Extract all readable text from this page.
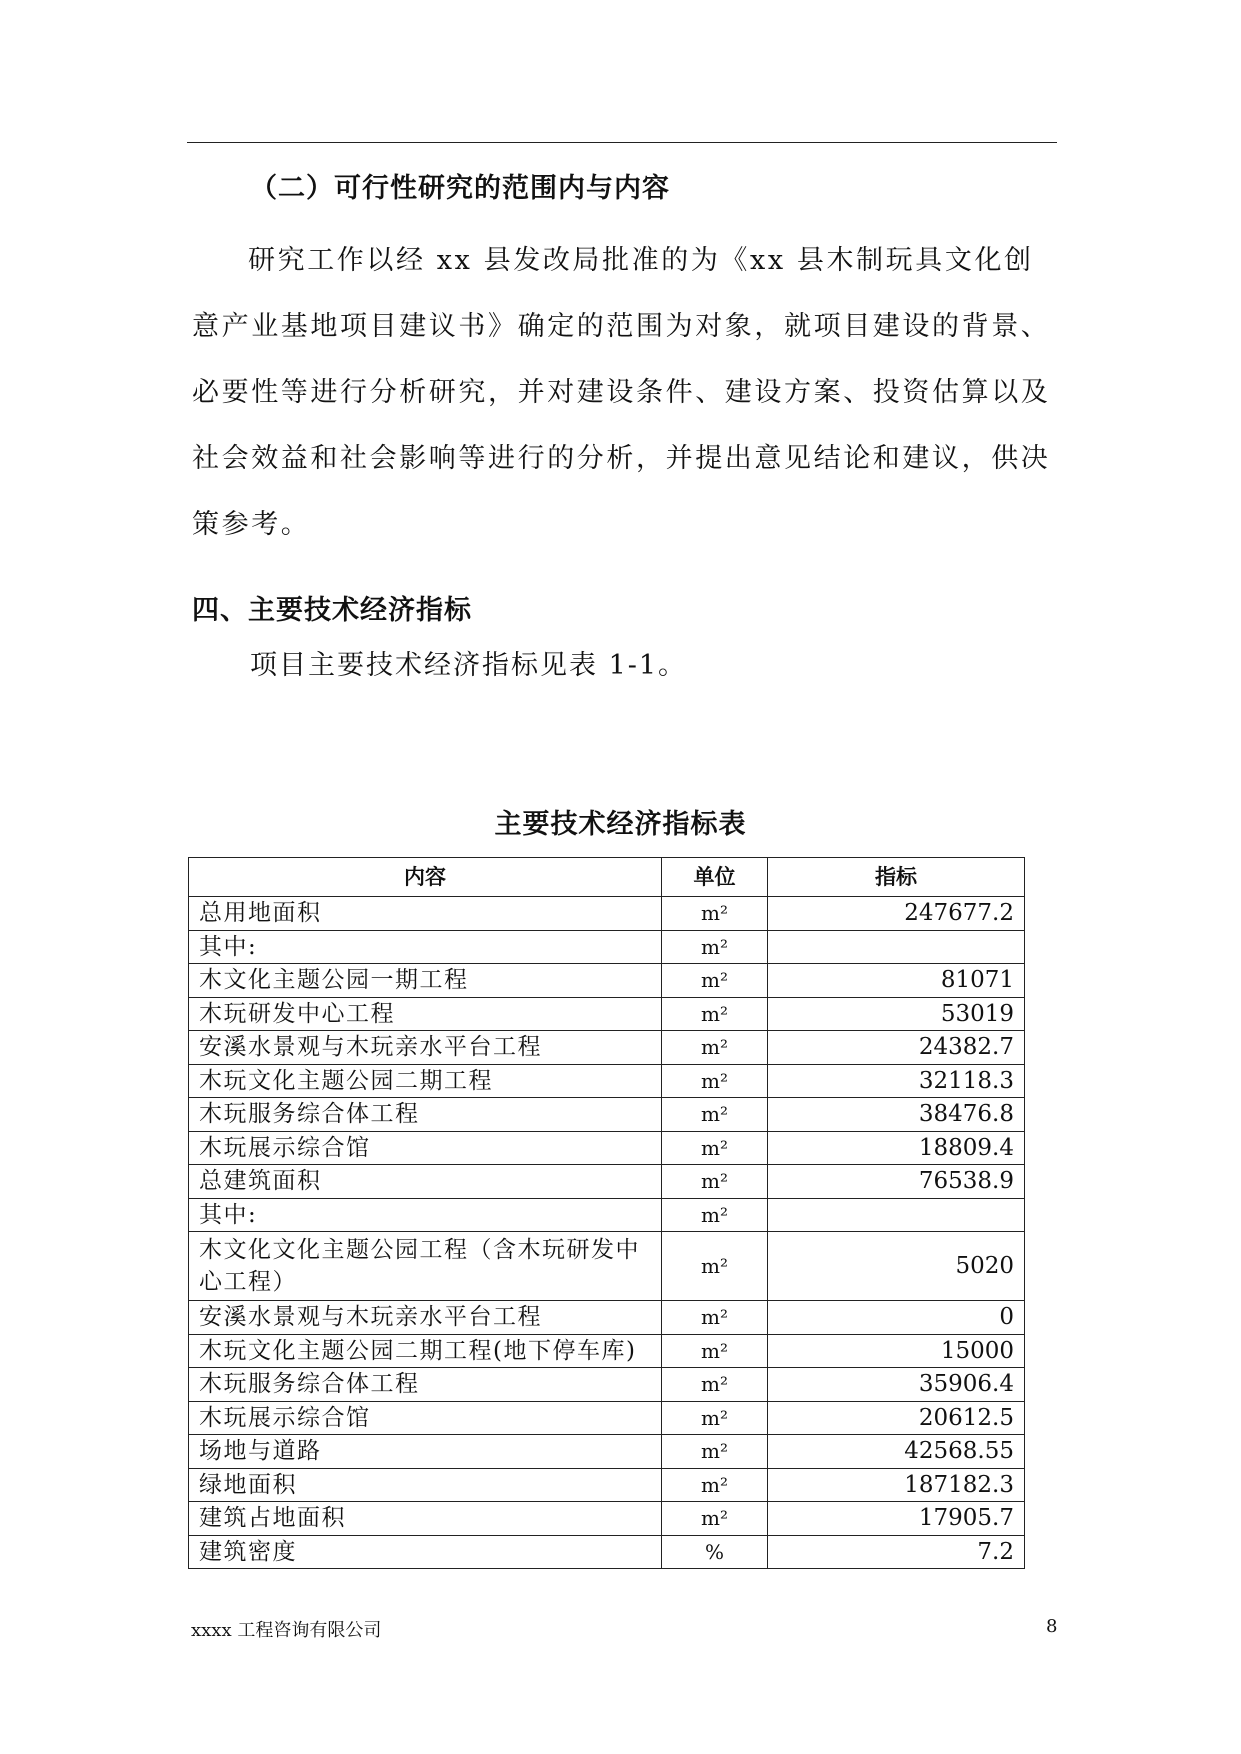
（二）可行性研究的范围内与内容
研究工作以经 xx 县发改局批准的为《xx 县木制玩具文化创意产业基地项目建议书》确定的范围为对象，就项目建设的背景、必要性等进行分析研究，并对建设条件、建设方案、投资估算以及社会效益和社会影响等进行的分析，并提出意见结论和建议，供决策参考。
四、主要技术经济指标
项目主要技术经济指标见表 1-1。
主要技术经济指标表
内容	单位	指标
总用地面积	m²	247677.2
其中:	m²	
木文化主题公园一期工程	m²	81071
木玩研发中心工程	m²	53019
安溪水景观与木玩亲水平台工程	m²	24382.7
木玩文化主题公园二期工程	m²	32118.3
木玩服务综合体工程	m²	38476.8
木玩展示综合馆	m²	18809.4
总建筑面积	m²	76538.9
其中:	m²	
木文化文化主题公园工程（含木玩研发中心工程）	m²	5020
安溪水景观与木玩亲水平台工程	m²	0
木玩文化主题公园二期工程(地下停车库)	m²	15000
木玩服务综合体工程	m²	35906.4
木玩展示综合馆	m²	20612.5
场地与道路	m²	42568.55
绿地面积	m²	187182.3
建筑占地面积	m²	17905.7
建筑密度	%	7.2
xxxx 工程咨询有限公司	8
